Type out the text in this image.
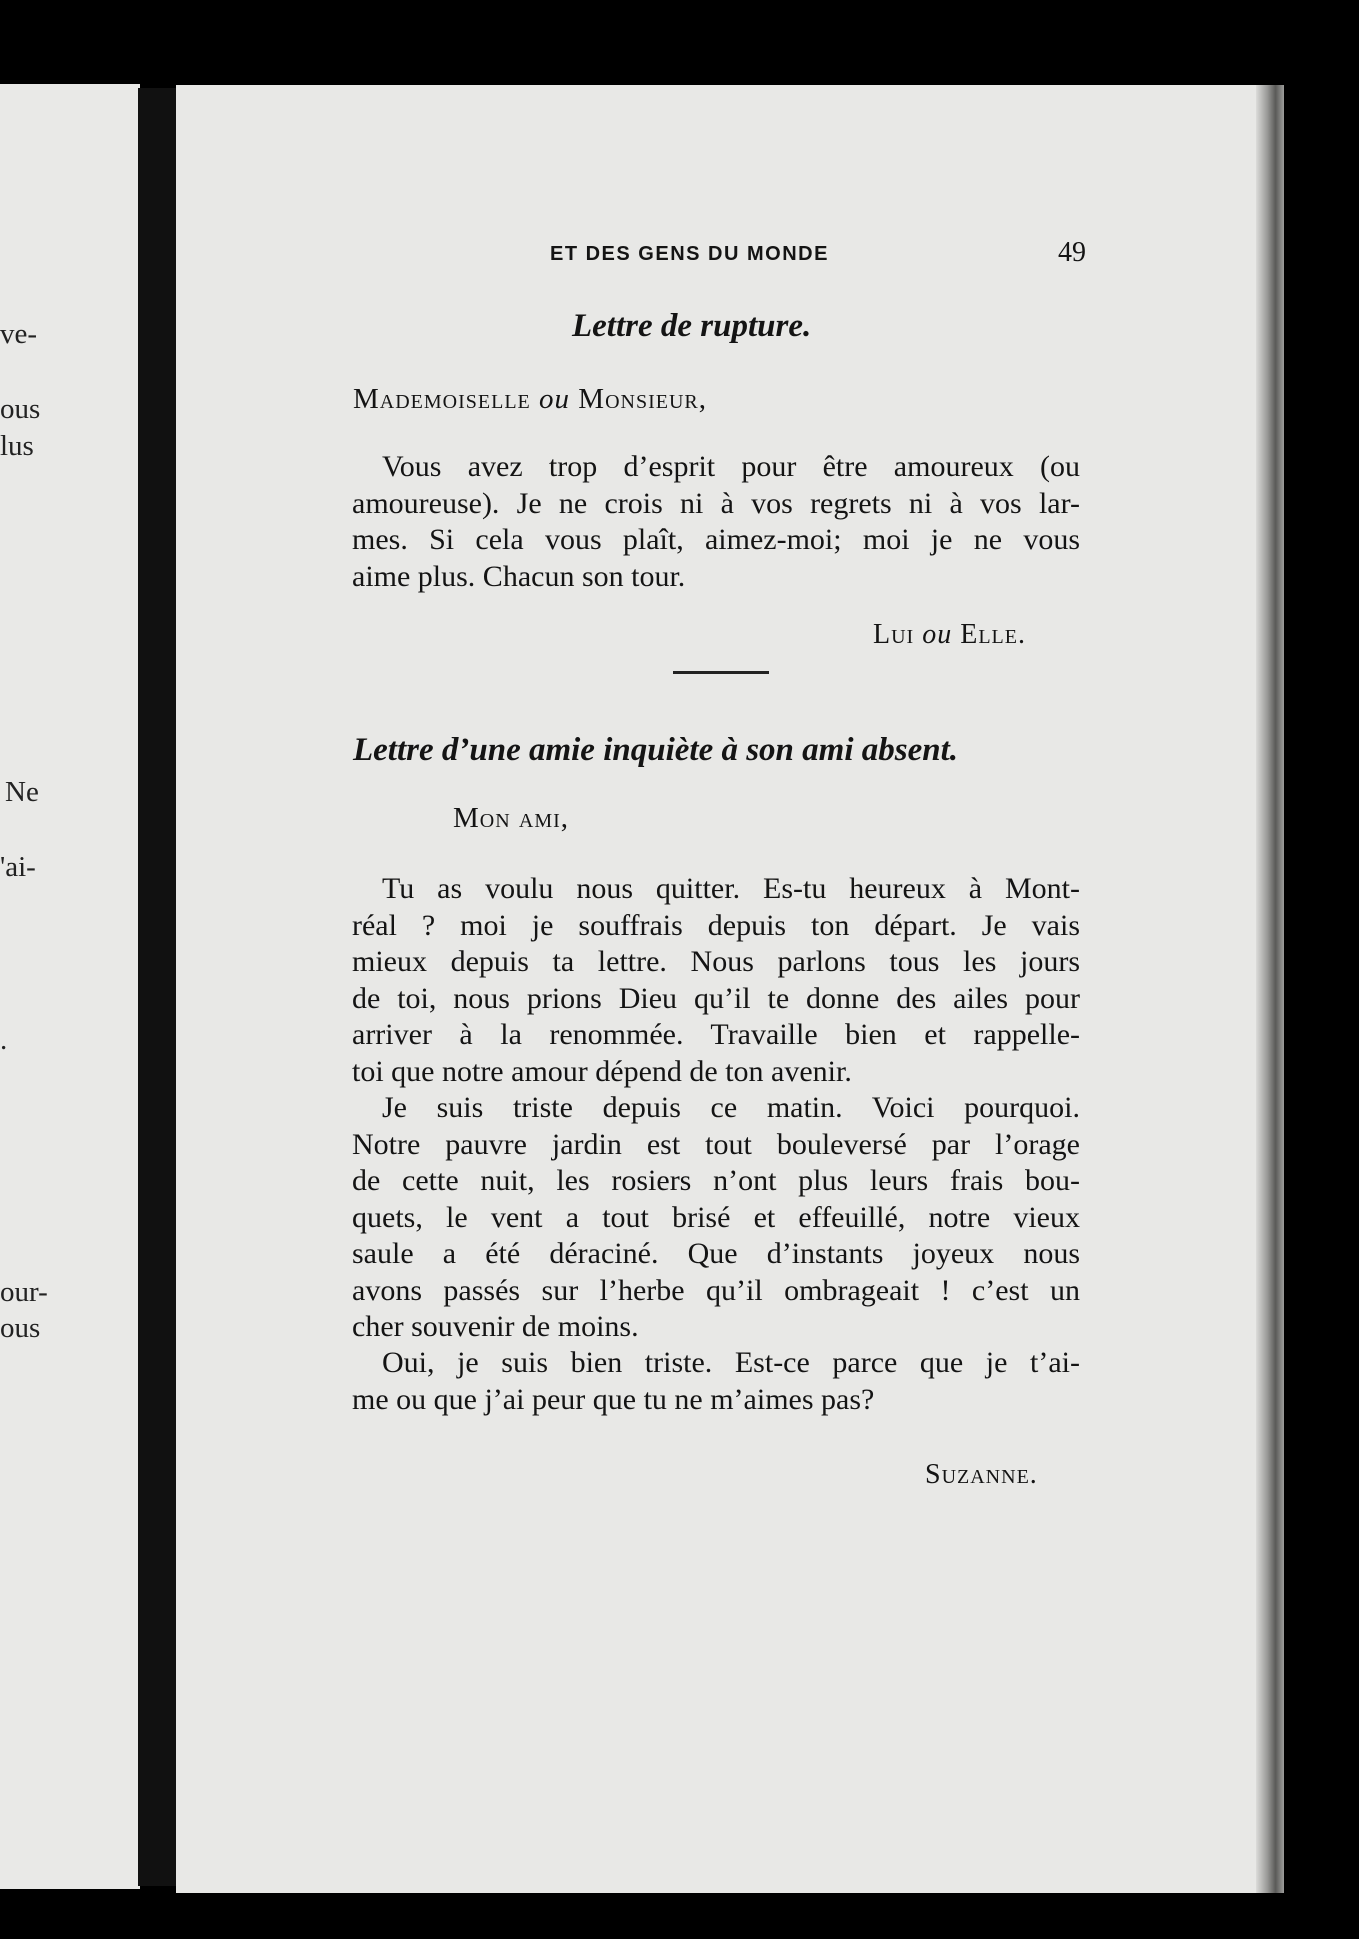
ve-
ous
lus
Ne
'ai-
.
our-
ous
ET DES GENS DU MONDE	49
Lettre de rupture.
Mademoiselle ou Monsieur,
Vous avez trop d’esprit pour être amoureux (ou
amoureuse). Je ne crois ni à vos regrets ni à vos lar-
mes. Si cela vous plaît, aimez-moi; moi je ne vous
aime plus. Chacun son tour.
Lui ou Elle.
Lettre d’une amie inquiète à son ami absent.
Mon ami,
Tu as voulu nous quitter. Es-tu heureux à Mont-
réal ? moi je souffrais depuis ton départ. Je vais
mieux depuis ta lettre. Nous parlons tous les jours
de toi, nous prions Dieu qu’il te donne des ailes pour
arriver à la renommée. Travaille bien et rappelle-
toi que notre amour dépend de ton avenir.
Je suis triste depuis ce matin. Voici pourquoi.
Notre pauvre jardin est tout bouleversé par l’orage
de cette nuit, les rosiers n’ont plus leurs frais bou-
quets, le vent a tout brisé et effeuillé, notre vieux
saule a été déraciné. Que d’instants joyeux nous
avons passés sur l’herbe qu’il ombrageait ! c’est un
cher souvenir de moins.
Oui, je suis bien triste. Est-ce parce que je t’ai-
me ou que j’ai peur que tu ne m’aimes pas?
Suzanne.
